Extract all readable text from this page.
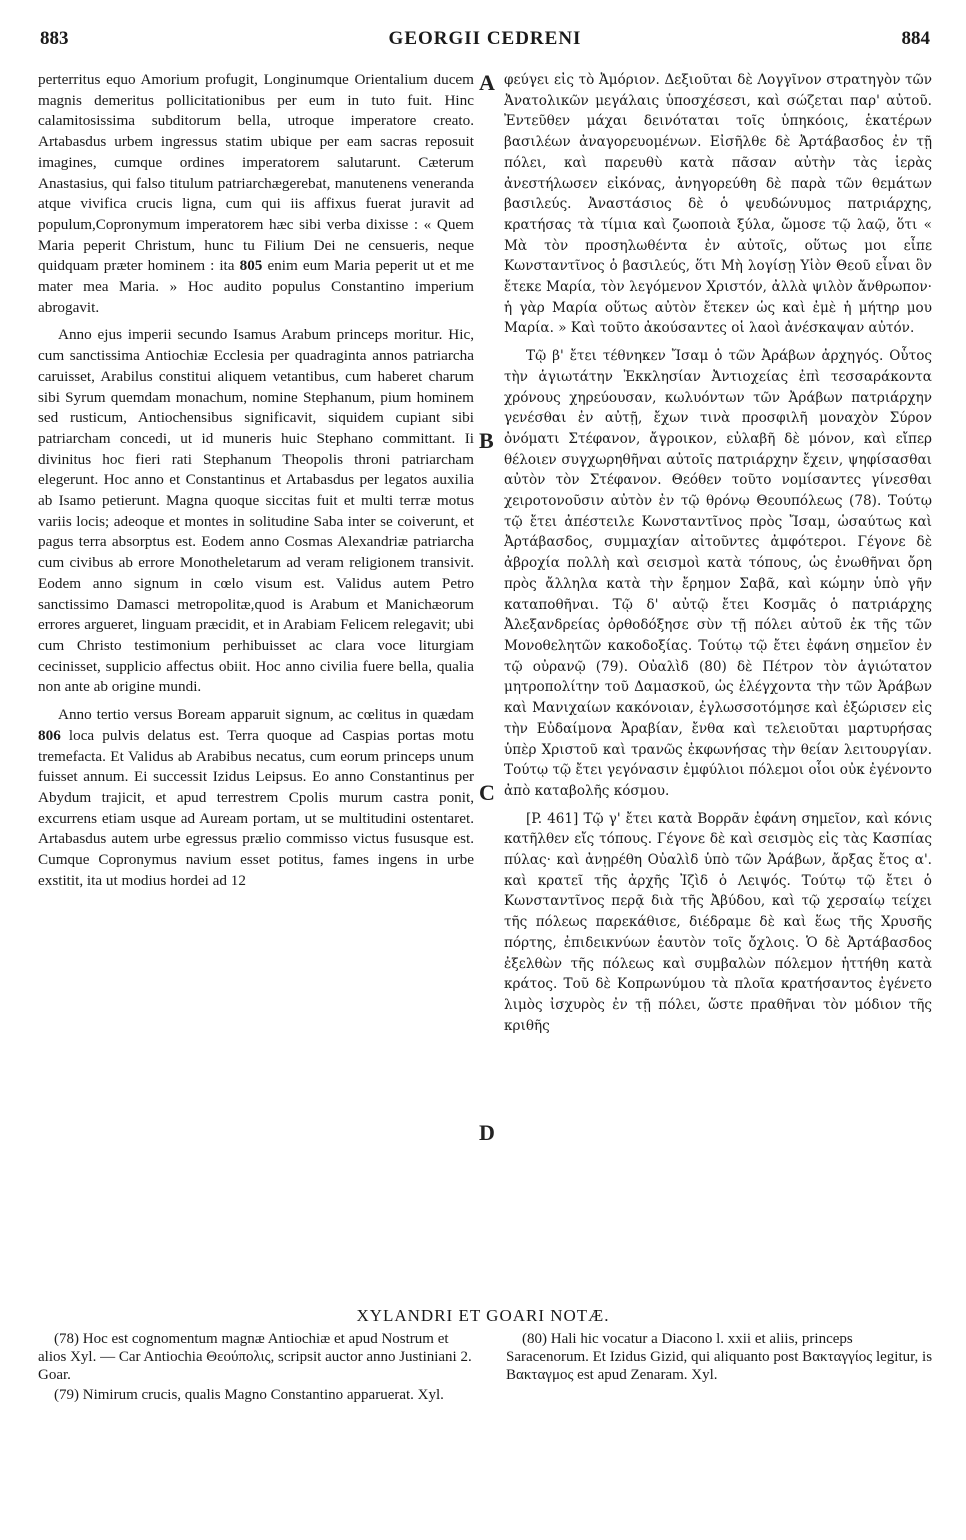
883	GEORGII CEDRENI	884

perterritus equo Amorium profugit, Longinumque Orientalium ducem magnis demeritus pollicitationibus per eum in tuto fuit. Hinc calamitosissima subditorum bella, utroque imperatore creato. Artabasdus urbem ingressus statim ubique per eam sacras reposuit imagines, cumque ordines imperatorem salutarunt. Cæterum Anastasius, qui falso titulum patriarchægerebat, manutenens veneranda atque vivifica crucis ligna, cum qui iis affixus fuerat juravit ad populum,Copronymum imperatorem hæc sibi verba dixisse : « Quem Maria peperit Christum, hunc tu Filium Dei ne censueris, neque quidquam præter hominem : ita 805 enim eum Maria peperit ut et me mater mea Maria. » Hoc audito populus Constantino imperium abrogavit.

Anno ejus imperii secundo Isamus Arabum princeps moritur. Hic, cum sanctissima Antiochiæ Ecclesia per quadraginta annos patriarcha caruisset, Arabilus constitui aliquem vetantibus, cum haberet charum sibi Syrum quemdam monachum, nomine Stephanum, pium hominem sed rusticum, Antiochensibus significavit, siquidem cupiant sibi patriarcham concedi, ut id muneris huic Stephano committant. Ii divinitus hoc fieri rati Stephanum Theopolis throni patriarcham elegerunt. Hoc anno et Constantinus et Artabasdus per legatos auxilia ab Isamo petierunt. Magna quoque siccitas fuit et multi terræ motus variis locis; adeoque et montes in solitudine Saba inter se coiverunt, et pagus terra absorptus est. Eodem anno Cosmas Alexandriæ patriarcha cum civibus ab errore Monotheletarum ad veram religionem transivit. Eodem anno signum in cœlo visum est. Validus autem Petro sanctissimo Damasci metropolitæ,quod is Arabum et Manichæorum errores argueret, linguam præcidit, et in Arabiam Felicem relegavit; ubi cum Christo testimonium perhibuisset ac clara voce liturgiam cecinisset, supplicio affectus obiit. Hoc anno civilia fuere bella, qualia non ante ab origine mundi.

Anno tertio versus Boream apparuit signum, ac cœlitus in quædam 806 loca pulvis delatus est. Terra quoque ad Caspias portas motu tremefacta. Et Validus ab Arabibus necatus, cum eorum princeps unum fuisset annum. Ei successit Izidus Leipsus. Eo anno Constantinus per Abydum trajicit, et apud terrestrem Cpolis murum castra ponit, excurrens etiam usque ad Auream portam, ut se multitudini ostentaret. Artabasdus autem urbe egressus prælio commisso victus fususque est. Cumque Copronymus navium esset potitus, fames ingens in urbe exstitit, ita ut modius hordei ad 12

A
B
C
D

φεύγει εἰς τὸ Ἀμόριον. Δεξιοῦται δὲ Λογγῖνον στρατηγὸν τῶν Ἀνατολικῶν μεγάλαις ὑποσχέσεσι, καὶ σώζεται παρ' αὐτοῦ. Ἐντεῦθεν μάχαι δεινόταται τοῖς ὑπηκόοις, ἑκατέρων βασιλέων ἀναγορευομένων. Εἰσῆλθε δὲ Ἀρτάβασδος ἐν τῇ πόλει, καὶ παρευθὺ κατὰ πᾶσαν αὐτὴν τὰς ἱερὰς ἀνεστήλωσεν εἰκόνας, ἀνηγορεύθη δὲ παρὰ τῶν θεμάτων βασιλεύς. Ἀναστάσιος δὲ ὁ ψευδώνυμος πατριάρχης, κρατήσας τὰ τίμια καὶ ζωοποιὰ ξύλα, ὤμοσε τῷ λαῷ, ὅτι « Μὰ τὸν προσηλωθέντα ἐν αὐτοῖς, οὕτως μοι εἶπε Κωνσταντῖνος ὁ βασιλεύς, ὅτι Μὴ λογίσῃ Υἱὸν Θεοῦ εἶναι ὃν ἔτεκε Μαρία, τὸν λεγόμενον Χριστόν, ἀλλὰ ψιλὸν ἄνθρωπον· ἡ γὰρ Μαρία οὕτως αὐτὸν ἔτεκεν ὡς καὶ ἐμὲ ἡ μήτηρ μου Μαρία. » Καὶ τοῦτο ἀκούσαντες οἱ λαοὶ ἀνέσκαψαν αὐτόν.

Τῷ β' ἔτει τέθνηκεν Ἴσαμ ὁ τῶν Ἀράβων ἀρχηγός. Οὗτος τὴν ἁγιωτάτην Ἐκκλησίαν Ἀντιοχείας ἐπὶ τεσσαράκοντα χρόνους χηρεύουσαν, κωλυόντων τῶν Ἀράβων πατριάρχην γενέσθαι ἐν αὐτῇ, ἔχων τινὰ προσφιλῆ μοναχὸν Σύρον ὀνόματι Στέφανον, ἄγροικον, εὐλαβῆ δὲ μόνον, καὶ εἴπερ θέλοιεν συγχωρηθῆναι αὐτοῖς πατριάρχην ἔχειν, ψηφίσασθαι αὐτὸν τὸν Στέφανον. Θεόθεν τοῦτο νομίσαντες γίνεσθαι χειροτονοῦσιν αὐτὸν ἐν τῷ θρόνῳ Θεουπόλεως (78). Τούτῳ τῷ ἔτει ἀπέστειλε Κωνσταντῖνος πρὸς Ἴσαμ, ὡσαύτως καὶ Ἀρτάβασδος, συμμαχίαν αἰτοῦντες ἀμφότεροι. Γέγονε δὲ ἀβροχία πολλὴ καὶ σεισμοὶ κατὰ τόπους, ὡς ἐνωθῆναι ὄρη πρὸς ἄλληλα κατὰ τὴν ἔρημον Σαβᾶ, καὶ κώμην ὑπὸ γῆν καταποθῆναι. Τῷ δ' αὐτῷ ἔτει Κοσμᾶς ὁ πατριάρχης Ἀλεξανδρείας ὀρθοδόξησε σὺν τῇ πόλει αὐτοῦ ἐκ τῆς τῶν Μονοθελητῶν κακοδοξίας. Τούτῳ τῷ ἔτει ἐφάνη σημεῖον ἐν τῷ οὐρανῷ (79). Οὐαλὶδ (80) δὲ Πέτρον τὸν ἁγιώτατον μητροπολίτην τοῦ Δαμασκοῦ, ὡς ἐλέγχοντα τὴν τῶν Ἀράβων καὶ Μανιχαίων κακόνοιαν, ἐγλωσσοτόμησε καὶ ἐξώρισεν εἰς τὴν Εὐδαίμονα Ἀραβίαν, ἔνθα καὶ τελειοῦται μαρτυρήσας ὑπὲρ Χριστοῦ καὶ τρανῶς ἐκφωνήσας τὴν θείαν λειτουργίαν. Τούτῳ τῷ ἔτει γεγόνασιν ἐμφύλιοι πόλεμοι οἷοι οὐκ ἐγένοντο ἀπὸ καταβολῆς κόσμου.

[P. 461] Τῷ γ' ἔτει κατὰ Βορρᾶν ἐφάνη σημεῖον, καὶ κόνις κατῆλθεν εἴς τόπους. Γέγονε δὲ καὶ σεισμὸς εἰς τὰς Κασπίας πύλας· καὶ ἀνῃρέθη Οὐαλὶδ ὑπὸ τῶν Ἀράβων, ἄρξας ἔτος α'. καὶ κρατεῖ τῆς ἀρχῆς Ἰζὶδ ὁ Λειψός. Τούτῳ τῷ ἔτει ὁ Κωνσταντῖνος περᾷ διὰ τῆς Ἀβύδου, καὶ τῷ χερσαίῳ τείχει τῆς πόλεως παρεκάθισε, διέδραμε δὲ καὶ ἕως τῆς Χρυσῆς πόρτης, ἐπιδεικνύων ἑαυτὸν τοῖς ὄχλοις. Ὁ δὲ Ἀρτάβασδος ἐξελθὼν τῆς πόλεως καὶ συμβαλὼν πόλεμον ἡττήθη κατὰ κράτος. Τοῦ δὲ Κοπρωνύμου τὰ πλοῖα κρατήσαντος ἐγένετο λιμὸς ἰσχυρὸς ἐν τῇ πόλει, ὥστε πραθῆναι τὸν μόδιον τῆς κριθῆς

XYLANDRI ET GOARI NOTÆ.

(78) Hoc est cognomentum magnæ Antiochiæ et apud Nostrum et alios Xyl. — Car Antiochia Θεούπολις, scripsit auctor anno Justiniani 2. Goar.

(79) Nimirum crucis, qualis Magno Constantino apparuerat. Xyl.

(80) Hali hic vocatur a Diacono l. xxii et aliis, princeps Saracenorum. Et Izidus Gizid, qui aliquanto post Βακταγγίος legitur, is Βακταγμος est apud Zenaram. Xyl.
